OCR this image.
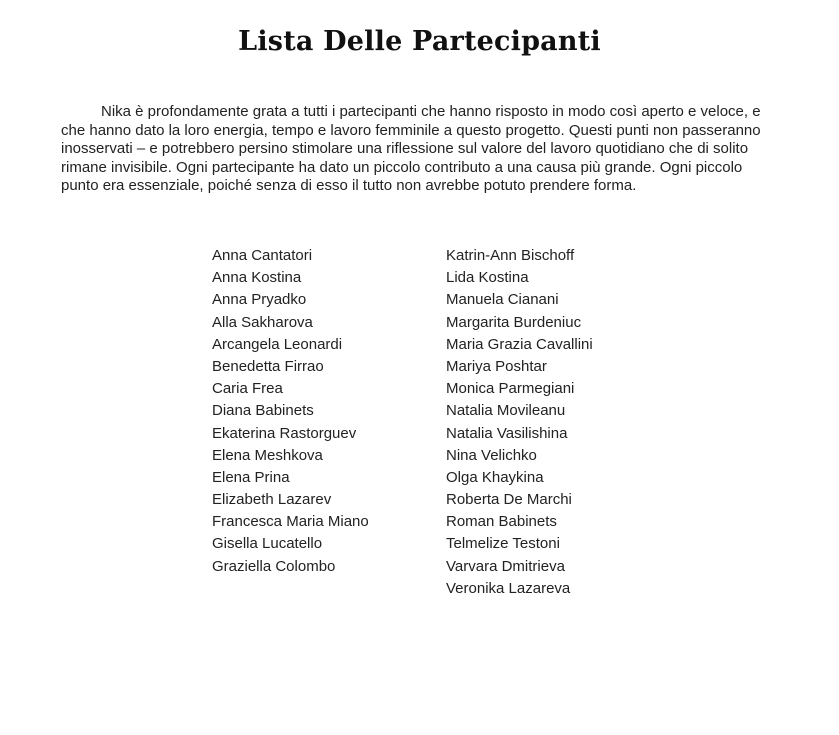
Lista Delle Partecipanti

Nika è profondamente grata a tutti i partecipanti che hanno risposto in modo così aperto e veloce, e che hanno dato la loro energia, tempo e lavoro femminile a questo progetto. Questi punti non passeranno inosservati – e potrebbero persino stimolare una riflessione sul valore del lavoro quotidiano che di solito rimane invisibile. Ogni partecipante ha dato un piccolo contributo a una causa più grande. Ogni piccolo punto era essenziale, poiché senza di esso il tutto non avrebbe potuto prendere forma.

Anna Cantatori
Anna Kostina
Anna Pryadko
Alla Sakharova
Arcangela Leonardi
Benedetta Firrao
Caria Frea
Diana Babinets
Ekaterina Rastorguev
Elena Meshkova
Elena Prina
Elizabeth Lazarev
Francesca Maria Miano
Gisella Lucatello
Graziella Colombo
Katrin-Ann Bischoff
Lida Kostina
Manuela Cianani
Margarita Burdeniuc
Maria Grazia Cavallini
Mariya Poshtar
Monica Parmegiani
Natalia Movileanu
Natalia Vasilishina
Nina Velichko
Olga Khaykina
Roberta De Marchi
Roman Babinets
Telmelize Testoni
Varvara Dmitrieva
Veronika Lazareva
